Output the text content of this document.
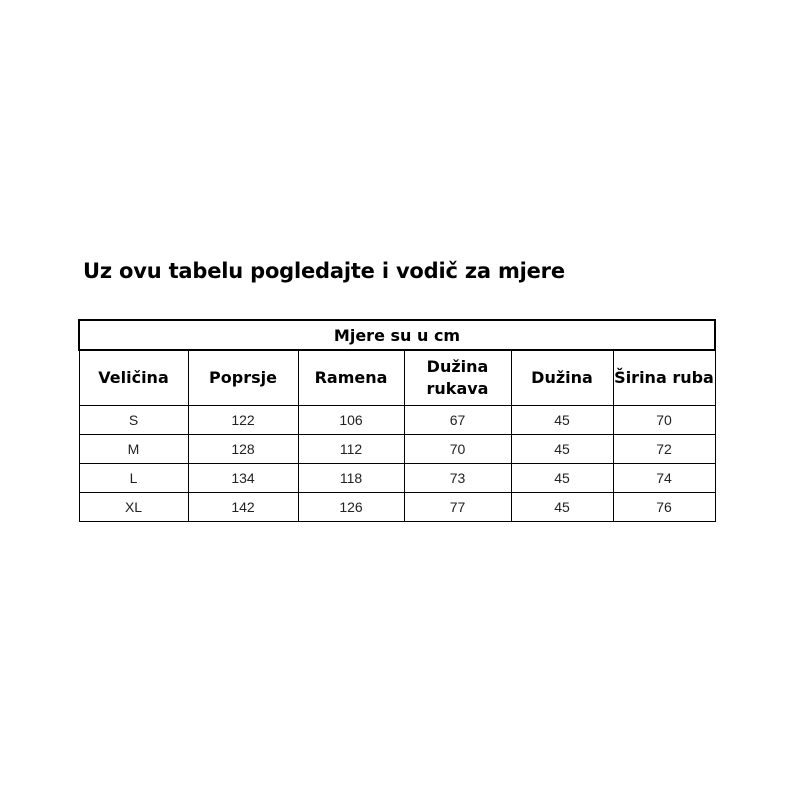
Uz ovu tabelu pogledajte i vodič za mjere
Mjere su u cm					
Veličina	Poprsje	Ramena	Dužina rukava	Dužina	Širina ruba
S	122	106	67	45	70
M	128	112	70	45	72
L	134	118	73	45	74
XL	142	126	77	45	76
